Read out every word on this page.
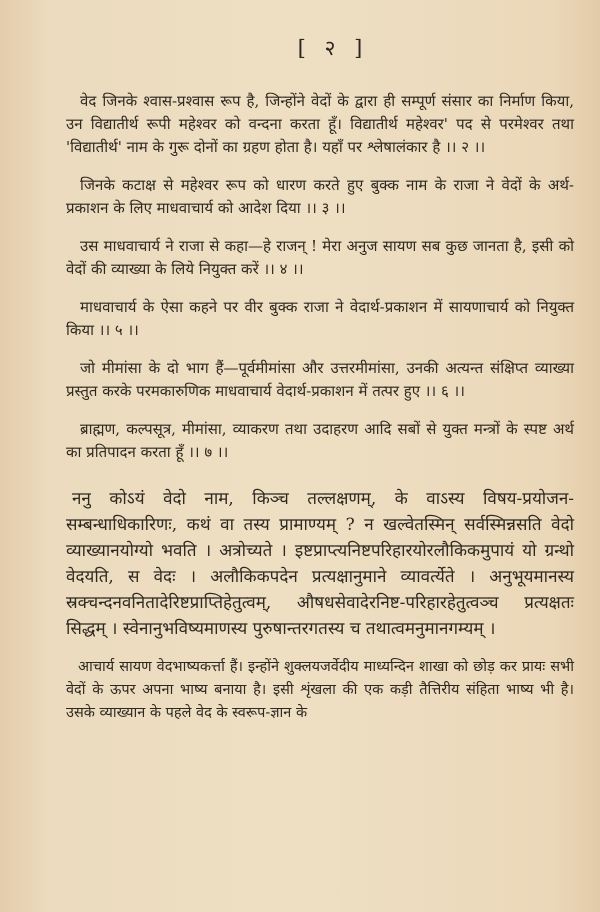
[ २ ]

वेद जिनके श्वास-प्रश्वास रूप है, जिन्होंने वेदों के द्वारा ही सम्पूर्ण संसार का निर्माण किया, उन विद्यातीर्थ रूपी महेश्वर को वन्दना करता हूँ। विद्यातीर्थ महेश्वर' पद से परमेश्वर तथा 'विद्यातीर्थ' नाम के गुरू दोनों का ग्रहण होता है। यहाँ पर श्लेषालंकार है ।। २ ।।

जिनके कटाक्ष से महेश्वर रूप को धारण करते हुए बुक्क नाम के राजा ने वेदों के अर्थ-प्रकाशन के लिए माधवाचार्य को आदेश दिया ।। ३ ।।

उस माधवाचार्य ने राजा से कहा—हे राजन् ! मेरा अनुज सायण सब कुछ जानता है, इसी को वेदों की व्याख्या के लिये नियुक्त करें ।। ४ ।।

माधवाचार्य के ऐसा कहने पर वीर बुक्क राजा ने वेदार्थ-प्रकाशन में सायणाचार्य को नियुक्त किया ।। ५ ।।

जो मीमांसा के दो भाग हैं—पूर्वमीमांसा और उत्तरमीमांसा, उनकी अत्यन्त संक्षिप्त व्याख्या प्रस्तुत करके परमकारुणिक माधवाचार्य वेदार्थ-प्रकाशन में तत्पर हुए ।। ६ ।।

ब्राह्मण, कल्पसूत्र, मीमांसा, व्याकरण तथा उदाहरण आदि सबों से युक्त मन्त्रों के स्पष्ट अर्थ का प्रतिपादन करता हूँ ।। ७ ।।

ननु कोऽयं वेदो नाम, किञ्च तल्लक्षणम्, के वाऽस्य विषय-प्रयोजन-सम्बन्धाधिकारिणः, कथं वा तस्य प्रामाण्यम् ? न खल्वेतस्मिन् सर्वस्मिन्नसति वेदो व्याख्यानयोग्यो भवति । अत्रोच्यते । इष्टप्राप्त्यनिष्टपरिहारयोरलौकिकमुपायं यो ग्रन्थो वेदयति, स वेदः । अलौकिकपदेन प्रत्यक्षानुमाने व्यावर्त्येते । अनुभूयमानस्य स्रक्चन्दनवनितादेरिष्टप्राप्तिहेतुत्वम्, औषधसेवादेरनिष्ट-परिहारहेतुत्वञ्च प्रत्यक्षतः सिद्धम् । स्वेनानुभविष्यमाणस्य पुरुषान्तरगतस्य च तथात्वमनुमानगम्यम् ।

आचार्य सायण वेदभाष्यकर्त्ता हैं। इन्होंने शुक्लयजर्वेदीय माध्यन्दिन शाखा को छोड़ कर प्रायः सभी वेदों के ऊपर अपना भाष्य बनाया है। इसी शृंखला की एक कड़ी तैत्तिरीय संहिता भाष्य भी है। उसके व्याख्यान के पहले वेद के स्वरूप-ज्ञान के
